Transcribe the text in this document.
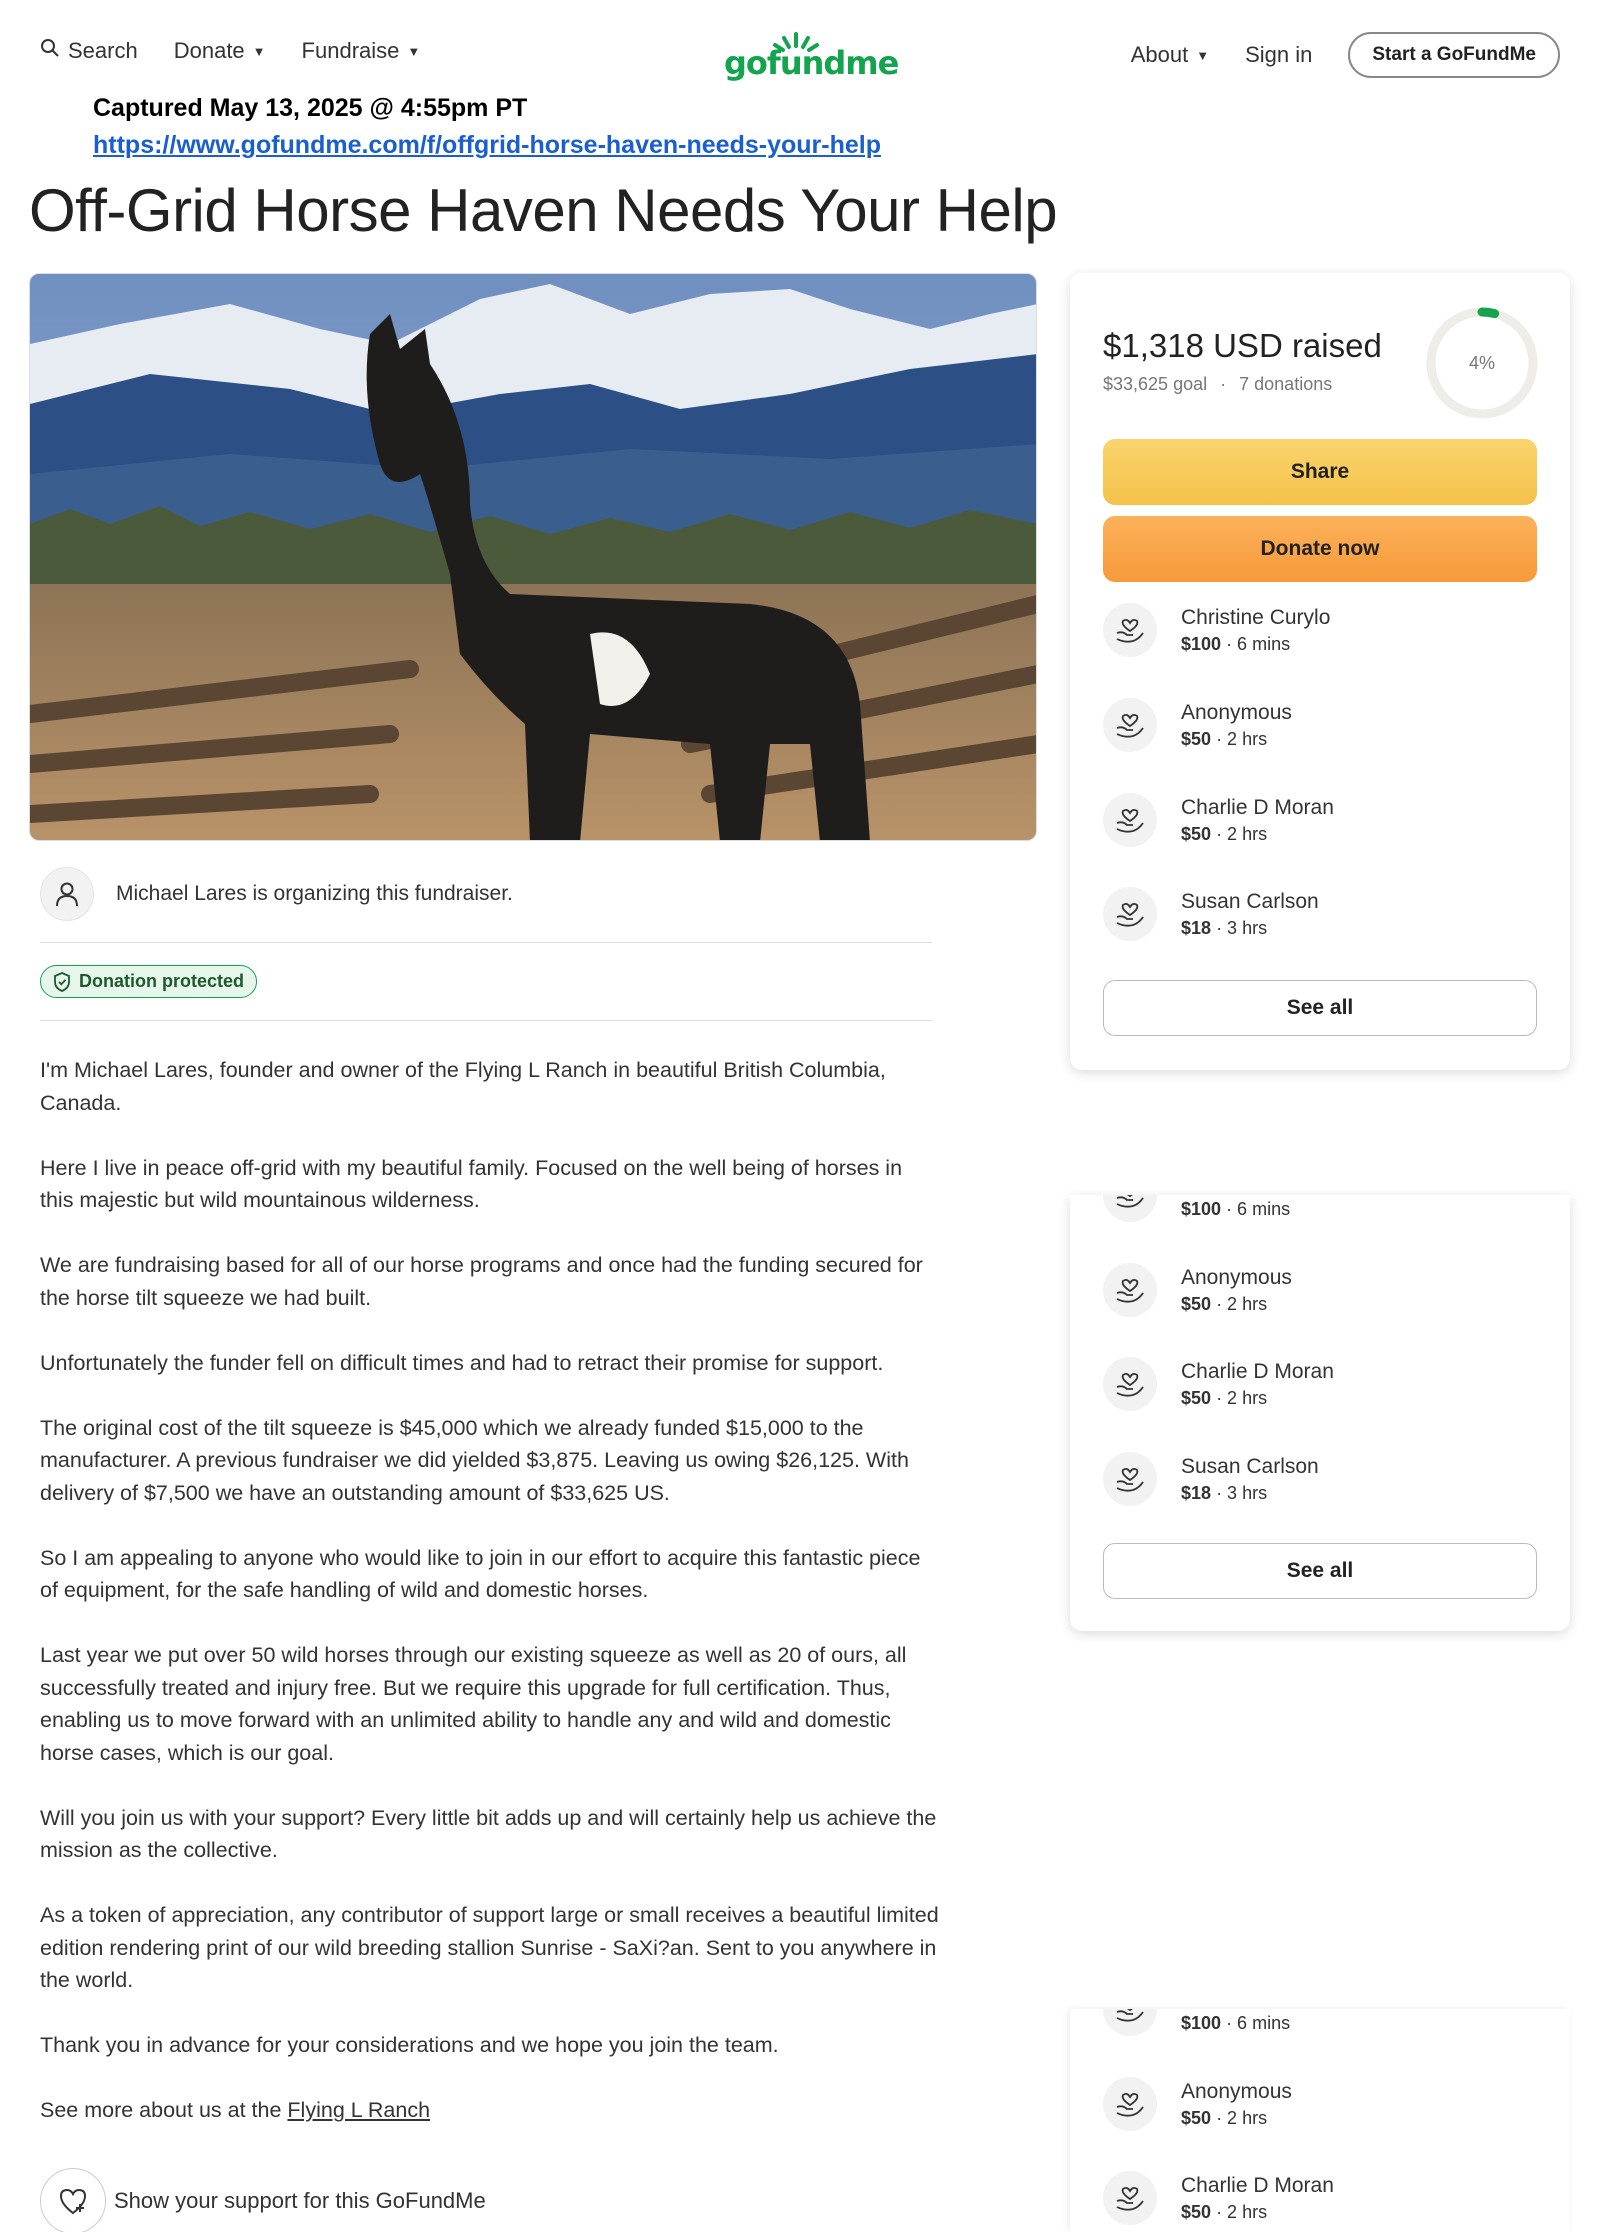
Search Donate ▼ Fundraise ▼	gofundme	About ▼ Sign in	Start a GoFundMe
Captured May 13, 2025 @ 4:55pm PT
https://www.gofundme.com/f/offgrid-horse-haven-needs-your-help
Off-Grid Horse Haven Needs Your Help
Michael Lares is organizing this fundraiser.
Donation protected

I'm Michael Lares, founder and owner of the Flying L Ranch in beautiful British Columbia, Canada.

Here I live in peace off-grid with my beautiful family. Focused on the well being of horses in this majestic but wild mountainous wilderness.

We are fundraising based for all of our horse programs and once had the funding secured for the horse tilt squeeze we had built.

Unfortunately the funder fell on difficult times and had to retract their promise for support.

The original cost of the tilt squeeze is $45,000 which we already funded $15,000 to the manufacturer. A previous fundraiser we did yielded $3,875. Leaving us owing $26,125. With delivery of $7,500 we have an outstanding amount of $33,625 US.

So I am appealing to anyone who would like to join in our effort to acquire this fantastic piece of equipment, for the safe handling of wild and domestic horses.

Last year we put over 50 wild horses through our existing squeeze as well as 20 of ours, all successfully treated and injury free. But we require this upgrade for full certification. Thus, enabling us to move forward with an unlimited ability to handle any and wild and domestic horse cases, which is our goal.

Will you join us with your support? Every little bit adds up and will certainly help us achieve the mission as the collective.

As a token of appreciation, any contributor of support large or small receives a beautiful limited edition rendering print of our wild breeding stallion Sunrise - SaXi?an. Sent to you anywhere in the world.

Thank you in advance for your considerations and we hope you join the team.

See more about us at the Flying L Ranch

Show your support for this GoFundMe
$1,318 USD raised
$33,625 goal · 7 donations
4%
Share
Donate now
Christine Curylo
$100 · 6 mins
Anonymous
$50 · 2 hrs
Charlie D Moran
$50 · 2 hrs
Susan Carlson
$18 · 3 hrs
See all
$100 · 6 mins
Anonymous
$50 · 2 hrs
Charlie D Moran
$50 · 2 hrs
Susan Carlson
$18 · 3 hrs
See all
$100 · 6 mins
Anonymous
$50 · 2 hrs
Charlie D Moran
$50 · 2 hrs
